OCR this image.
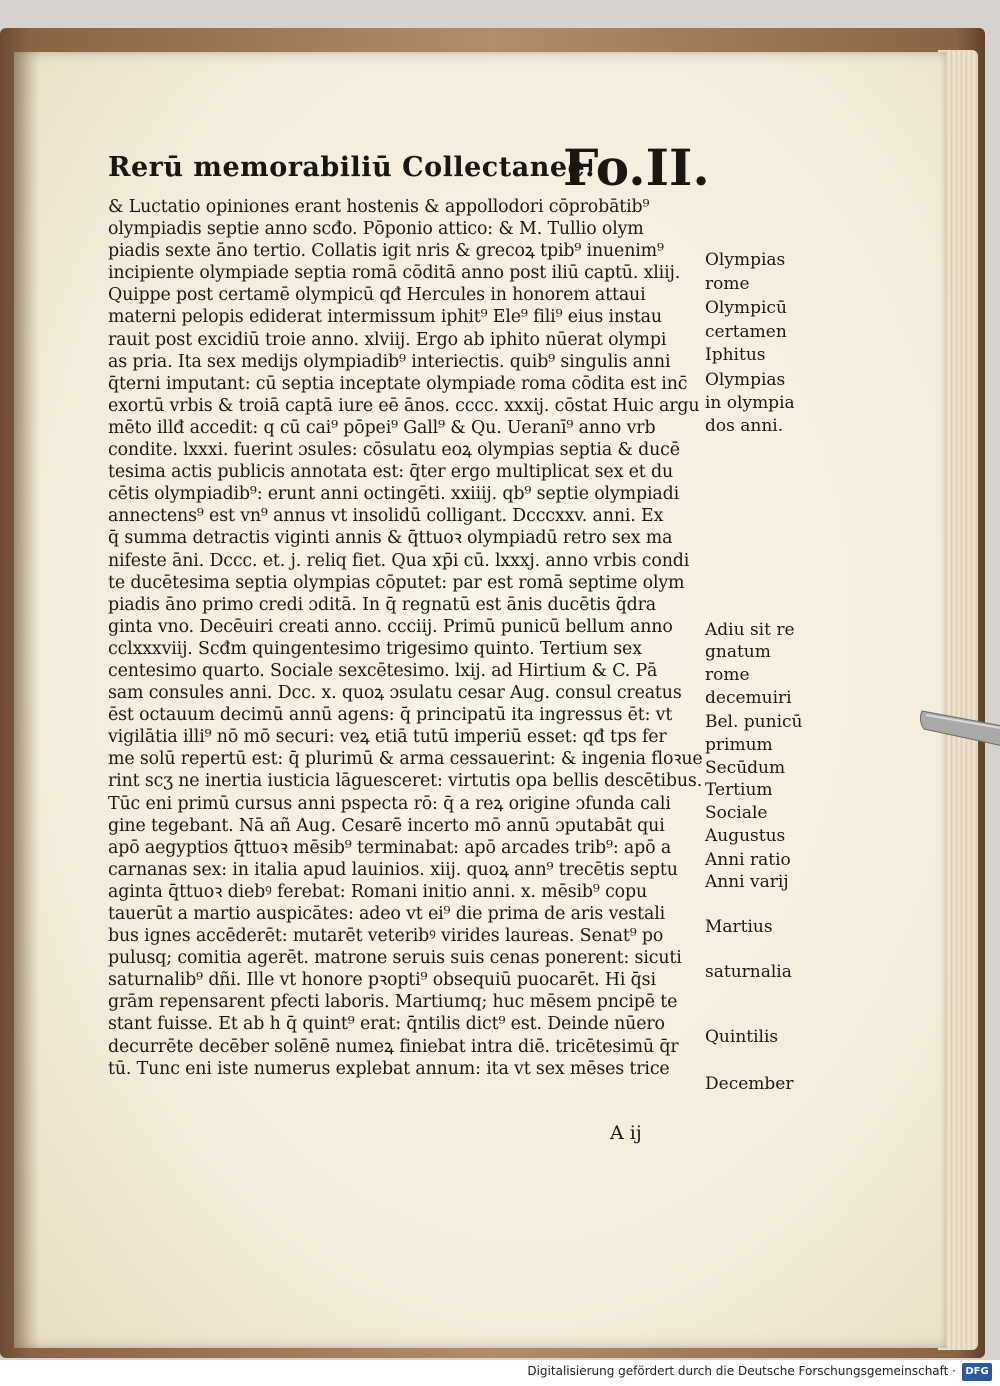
Rerū memorabiliū Collectanee.
Fo.II.
& Luctatio opiniones erant hostenis & appollodori cōprobātib⁹
olympiadis septie anno scđo. Pōponio attico: & M. Tullio olym
piadis sexte āno tertio. Collatis igit̄ nris & grecoꝝ tpib⁹ inuenim⁹
incipiente olympiade septia romā cōditā anno post iliū captū. xliij.
Quippe post certamē olympicū qđ Hercules in honorem attaui
materni pelopis ediderat intermissum iphit⁹ Ele⁹ fili⁹ eius instau
rauit post excidiū troie anno. xlviij. Ergo ab iphito nūerat olympi
as pria. Ita sex medijs olympiadib⁹ interiectis. quib⁹ singulis anni
q̄terni imputant̄: cū septia inceptate olympiade roma cōdita est inc̄
exortū vrbis & troiā captā iure eē ānos. cccc. xxxij. cōstat Huic argu
mēto illđ accedit: q cū cai⁹ pōpei⁹ Gall⁹ & Qu. Ueranī⁹ anno vrb
condite. lxxxi. fuerint ɔsules: cōsulatu eoꝝ olympias septia & ducē
tesima actis publicis annotata est: q̄ter ergo multiplicat̄ sex et du
cētis olympiadib⁹: erunt anni octingēti. xxiiij. qb⁹ septie olympiadi
annectens⁹ est vn⁹ annus vt insolidū colligant̄. Dcccxxv. anni. Ex
q̄ summa detractis viginti annis & q̄ttuoꝛ olympiadū retro sex ma
nifeste āni. Dccc. et. j. reliq fiet. Qua xp̄i cū. lxxxj. anno vrbis condi
te ducētesima septia olympias cōputet̄: par est romā septime olym
piadis āno primo credi ɔditā. In q̄ regnatū est ānis ducētis q̄dra
ginta vno. Decēuiri creati anno. ccciij. Primū punicū bellum anno
cclxxxviij. Scđm quingentesimo trigesimo quinto. Tertium sex
centesimo quarto. Sociale sexcētesimo. lxij. ad Hirtium & C. Pā
sam consules anni. Dcc. x. quoꝝ ɔsulatu cesar Aug. consul creatus
ēst octauum decimū annū agens: q̄ principatū ita ingressus ēt: vt
vigilātia illi⁹ nō mō securi: veꝝ etiā tutū imperiū esset: qđ tps fer
me solū repertū est: q̄ plurimū & arma cessauerint: & ingenia floꝛue
rint scʒ ne inertia iusticia lāguesceret: virtutis opa bellis descētibus.
Tūc eni primū cursus anni pspecta rō: q̄ a reꝝ origine ɔfunda cali
gine tegebant̄. Nā añ Aug. Cesarē incerto mō annū ɔputabāt qui
apō aegyptios q̄ttuoꝛ mēsib⁹ terminabat̄: apō arcades trib⁹: apō a
carnanas sex: in italia apud lauinios. xiij. quoꝝ ann⁹ trecētis septu
aginta q̄ttuoꝛ diebꝰ ferebat̄: Romani initio anni. x. mēsib⁹ copu
tauerūt a martio auspicātes: adeo vt ei⁹ die prima de aris vestali
bus ignes accēderēt: mutarēt veteribꝰ virides laureas. Senat⁹ po
pulusq; comitia agerēt. matrone seruis suis cenas ponerent: sicuti
saturnalib⁹ dñi. Ille vt honore pꝛopti⁹ obsequiū puocarēt. Hi q̄si
grām repensarent pfecti laboris. Martiumq; huc mēsem pncipē te
stant̄ fuisse. Et ab h q̄ quint⁹ erat: q̄ntilis dict⁹ est. Deinde nūero
decurrēte decēber solēnē numeꝝ finiebat intra diē. tricētesimū q̄r
tū. Tunc eni iste numerus explebat annum: ita vt sex mēses trice
A ij
Olympias
rome
Olympicū
certamen
Iphitus
Olympias
in olympia
dos anni.
Adiu sit re
gnatum
rome
decemuiri
Bel. punicū
primum
Secūdum
Tertium
Sociale
Augustus
Anni ratio
Anni varij
Martius
saturnalia
Quintilis
December
Digitalisierung gefördert durch die Deutsche Forschungsgemeinschaft · DFG
